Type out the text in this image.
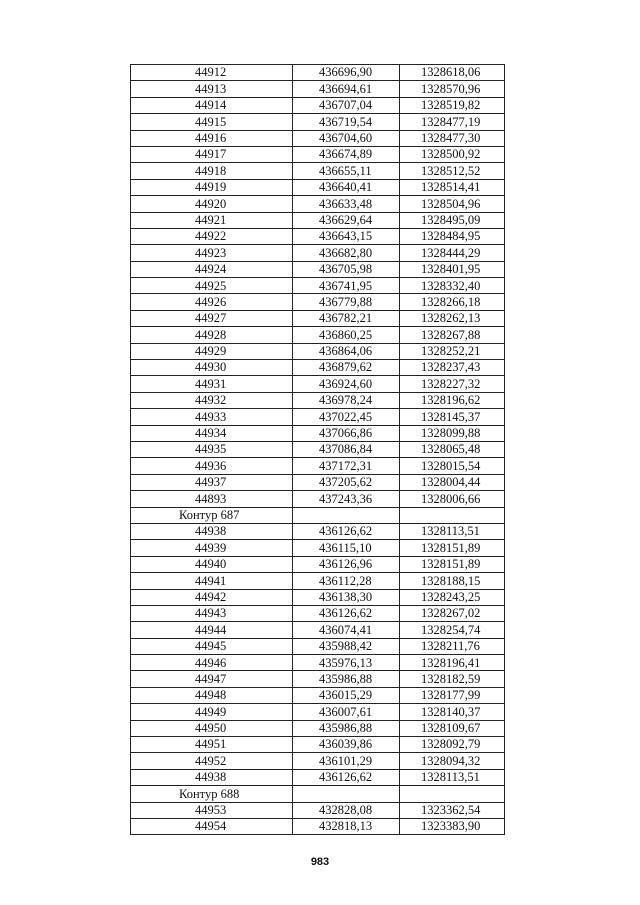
44912	436696,90	1328618,06
44913	436694,61	1328570,96
44914	436707,04	1328519,82
44915	436719,54	1328477,19
44916	436704,60	1328477,30
44917	436674,89	1328500,92
44918	436655,11	1328512,52
44919	436640,41	1328514,41
44920	436633,48	1328504,96
44921	436629,64	1328495,09
44922	436643,15	1328484,95
44923	436682,80	1328444,29
44924	436705,98	1328401,95
44925	436741,95	1328332,40
44926	436779,88	1328266,18
44927	436782,21	1328262,13
44928	436860,25	1328267,88
44929	436864,06	1328252,21
44930	436879,62	1328237,43
44931	436924,60	1328227,32
44932	436978,24	1328196,62
44933	437022,45	1328145,37
44934	437066,86	1328099,88
44935	437086,84	1328065,48
44936	437172,31	1328015,54
44937	437205,62	1328004,44
44893	437243,36	1328006,66
Контур 687		
44938	436126,62	1328113,51
44939	436115,10	1328151,89
44940	436126,96	1328151,89
44941	436112,28	1328188,15
44942	436138,30	1328243,25
44943	436126,62	1328267,02
44944	436074,41	1328254,74
44945	435988,42	1328211,76
44946	435976,13	1328196,41
44947	435986,88	1328182,59
44948	436015,29	1328177,99
44949	436007,61	1328140,37
44950	435986,88	1328109,67
44951	436039,86	1328092,79
44952	436101,29	1328094,32
44938	436126,62	1328113,51
Контур 688		
44953	432828,08	1323362,54
44954	432818,13	1323383,90
983
